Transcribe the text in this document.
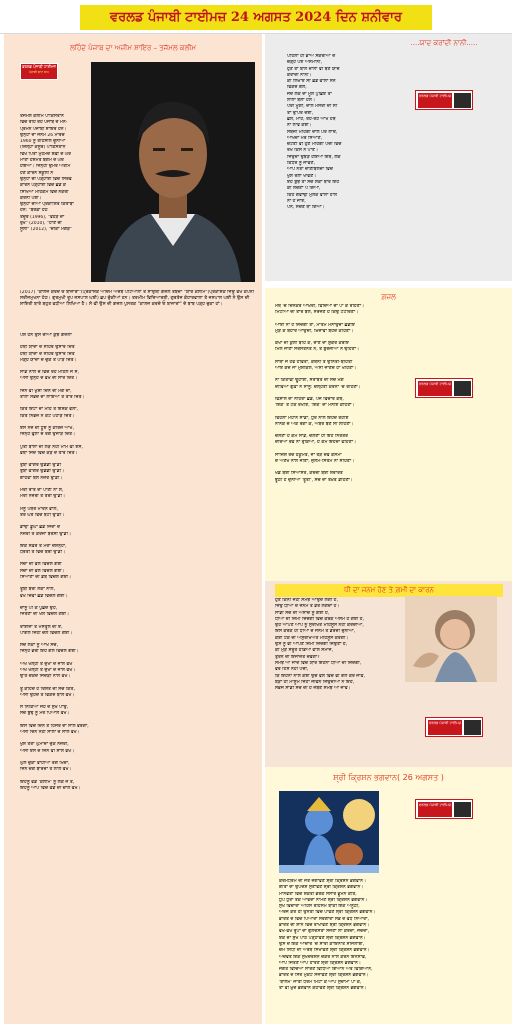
ਵਰਲਡ ਪੰਜਾਬੀ ਟਾਈਮਜ਼ 24 ਅਗਸਤ 2024 ਦਿਨ ਸ਼ਨੀਵਾਰ
ਲਹਿੰਦੇ ਪੰਜਾਬ ਦਾ ਅਜ਼ੀਮ ਸ਼ਾਇਰ – ਤਜੱਮਲ ਕਲੀਮ
ਵਰਲਡ ਪੰਜਾਬੀ ਟਾਈਮਜ਼
ਪੰਜਾਬੀ ਡਾਟ ਕਾਮ
ਤਜੱਮਲ ਕਲੀਮ ਪਾਕਿਸਤਾਨ
ਵਿੱਚ ਰਹਿ ਰਹੇ ਪੰਜਾਬ ਦੇ ਮੰਨੇ-
ਪ੍ਰਮੰਨੇ ਪੰਜਾਬੀ ਸ਼ਾਇਰ ਹਨ।
ਉਨ੍ਹਾਂ ਦਾ ਜਨਮ 26 ਮਾਰਚ
1960 ਨੂੰ ਤਹਿਸੀਲ ਚੂਨੀਆਂ
(ਜ਼ਿਲ੍ਹਾ ਕਸੂਰ) ਪਾਕਿਸਤਾਨ
ਵਿਖੇ ਪਿਤਾ ਮੁਹੰਮਦ ਸ਼ਫ਼ੀ ਦੇ ਘਰ
ਮਾਤਾ ਹਸ਼ਮਤ ਬੇਗਮ ਦੇ ਘਰ
ਹੋਇਆ। ਜਿੰਨ੍ਹੀ ਉਮਰੇ ਅਤੀਮ
ਹੋਣ ਕਾਰਨ ਸਕੂਲੀ ਨੇ
ਉਨ੍ਹਾਂ ਦੀ ਪੜ੍ਹਾਈ ਵਿਚ ਸਿਰਫ
ਕਾਰਨ ਪੜ੍ਹਾਈ ਵਿੱਚ ਛੱਡ ਕੇ
ਸਿੱਖਿਆ ਮਹਿਕਮੇ ਵਿੱਚ ਨੌਕਰੀ
ਕਰਨੀ ਪਈ।
ਉਨ੍ਹਾਂ ਦੀਆਂ ਪ੍ਰਕਾਸ਼ਿਤ ਕਿਤਾਬਾਂ
ਹਨ: "ਬਰਫ਼ਾਂ ਹੇਠ
ਤੰਦੂਰ (1996), "ਵੇਹੜੇ ਦਾ
ਰੁੱਖ" (2010), "ਹਾਣ ਦੀ
ਸੂਲੀ" (2012), "ਚੀਕਾਂ ਮੱਗੜ"
(2017) "ਕਾਲਜ ਕਰਦੇ ਓ ਬਾਜ਼ਾਰਾਂ"(ਪ੍ਰਕਾਸ਼ਕ ਅਦਿਮ ਅਦਬ ਪਟਿਆਲਾ ਤੋਂ ਸਾਉਂਥੀ ਗ਼ਜ਼ਲ ਤਬਦਾ "ਯਾਰ ਕਲੀਮ"(ਪ੍ਰਕਾਸ਼ਕ ਜਿਊ ਵੱਖ ਕੰਪਨੀ ਸਰੀਜਮੁਖਨਾ ਹੇਠ। ਗੁਰਮੁਖੀ ਰੂਪ ਜਸਪਾਲ ਘਈ) ਛਪ ਚੁੱਕੀਆਂ ਹਨ। ਤਰਮੀਮ ਵਿਦਿਆਰਥੀ, ਗੁਰਤੇਜ ਕੋਹਾਰਵਾਲਾ ਤੇ ਜਸਪਾਲ ਘਈ ਨੇ ਉਸ ਦੀ ਸ਼ਾਇਰੀ ਬਾਰੇ ਬਹੁਤ ਵਧੀਆ ਲਿਖਿਆ ਹੈ। ਸੋ ਵੀ ਉਸ ਦੀ ਗ਼ਜ਼ਲ ਪੁਸਤਕ "ਕਾਲਜ ਕਰਦੇ ਓ ਬਾਜ਼ਾਰਾਂ" ਦੇ ਬਾਬ ਪੜ੍ਹ ਚੁਕਾ ਹਾਂ।
ਪੇਸ਼ ਹਨ ਉਸ ਦੀਆਂ ਕੁਝ ਗ਼ਜ਼ਲਾਂ
ਹੱਥੀਂ ਯਾਦਾਂ ਦੇ ਸਹਿਰ ਉਸਾਰ ਦਿੱਤੇ
ਹੱਥੀਂ ਯਾਦਾਂ ਦੇ ਸਹਿਰ ਉਸਾਰ ਦਿੱਤੇ
ਮੜ੍ਹ ਯਾਦਾਂ ਦੇ ਚੁੱਕੇ ਤੇ ਪਾੜ ਦਿੱਤੇ।
ਸਾਡੇ ਨਾਲ ਦੇ ਵਿਚ ਰਹੇ ਮਹਿਲ ਜੋ ਸੇ,
ਅਸੀਂ ਉਨ੍ਹੇ ਦੇ ਵੱਖ ਦੀ ਸਾਰ ਦਿੱਤੇ।
ਜਿੰਨੇ ਵੀ ਖੁਸ਼ੀ ਦਿਨ ਦੀ ਮੰਗ ਦਾ,
ਤਾਲਾ ਸਭਦ ਦਾ ਲਾਇਆ ਤੇ ਤਾਰ ਦਿੱਤੇ।
ਕਿੱਤੇ ਇੱਟਾਂ ਦਾ ਮੀਂਹ ਤੇ ਇਸ਼ਕ ਵੱਲਾ,
ਕਿੱਤੇ ਨਿਭਜ਼ ਨੇ ਕੰਟ ਪਹਾੜ ਦਿੱਤੇ।
ਏਸ ਨਜ਼ੋ ਦੀ ਧੂੰਏ ਨੂੰ ਕਰਿਜ਼ ਆਖੋ,
ਜਿਨ੍ਹੇ ਫੁੱਲਾਂ ਦੇ ਰੰਗ ਉਜਾੜ ਦਿੱਤੇ।
ਪੁੱਤੀ ਬਾਲਾਂ ਦੀ ਲੋੜ ਨਹੀਂ ਮਾਮ ਵੀ ਏਂਸ,
ਵੱਥਾਂ ਜਿੰਦੇ ਵਿਚ ਕੜ ਦੇ ਤਾਰ ਦਿੱਤੇ।
ਤੁੰਬਾਂ ਵਾਂਗਰ ਉਡੱਡੀ ਉੱਡੀ
ਤੁੰਬਾਂ ਵਾਂਗਰ ਉਡੱਡੀ ਉੱਡੀ।
ਗਾਹਵਾ ਬੋਲ ਨਜ਼ਰੋਂ ਉੱਡੀ।
ਮੇਰੀ ਰਾਤ ਦਾ ਪਾਣੀ ਨਾ ਲੋ,
ਮੇਰੀ ਨਜ਼ਰੀ ਤੇ ਤੇਰੀ ਉੱਡੀ।
ਮੈਨੂੰ ਪੱਥਰ ਮਾਰਨ ਵਾਲੋ,
ਤੇਰੇ ਘਰ ਵਿੱਚ ਬੇਟੀ ਉੱਡੀ।
ਡਾਢਾ ਡੂੰਘਾ ਛੱਡ ਜਿੰਦਾਂ ਦੇ
ਨਜ਼ਰੀ ਤੇ ਕਰਜ਼ਾ ਬਰਸੀ ਉੱਡੀ।
ਇੱਕੋ ਸਫ਼ਰ ਤੇ ਮੇਰਾ ਦਸ਼ਨ੍ਹਾਂ,
ਧਰਤੀ ਤੇ ਵਿੱਚ ਬੋਰੀ ਉੱਡੀ।
ਸੋਚਾਂ ਦੀ ਵੇਲ ਵਿੱਚਲ ਗਈ
ਸੋਚਾਂ ਦੀ ਵੇਲ ਵਿੱਚਲ ਗਈ।
ਸਿਆਣਾਂ ਦੀ ਡੱਬ ਵਿੱਚਲ ਗਈ।
ਤੂੰਬੀਂ ਬੋਰੀ ਲੋਕਾਂ ਨਾਲੋਂ,
ਵੇਖ ਦਿਵਾ ਛੱਡ ਵਿੱਚਲ ਗਈ।
ਦਾਨੂੰ ਪੀ ਕੇ ਪੁੱਛਦੇ ਉਹ,
ਜਿੱਤਣਾ ਦੀ ਖੱਲ ਵਿੱਚਲ ਗਈ।
ਰਾਈਜ਼ਾਂ ਤੇ ਮਸਤੂਲ ਦੀ ਏ,
ਪਾਗਲ ਜਿਹੀ ਚੱਲ ਵਿੱਚਲ ਗਈ।
ਸੱਚ ਲੋਕਾਂ ਨੂੰ ਆਖੋ ਸੱਚ,
ਜਿਨ੍ਹੇ ਭਰੀ ਇਹ ਗੱਲ ਵਿੱਚਲ ਗਈ।
ਅੱਖ ਖੋਲ੍ਹੀ ਤੇ ਦੁੱਖਾਂ ਦੇ ਜਾਲ ਵੇਖੇ
ਅੱਖ ਖੋਲ੍ਹੀ ਤੇ ਦੁੱਖਾਂ ਦੇ ਜਾਲ ਵੇਖੇ।
ਉੱਤੇ ਚੱਕਦੇ ਜਿੰਦੜੀ ਨਾਲ ਵੇਖੇ।
ਤੂੰ ਕਹਿੰਦੇ ਹੋ ਰਿਸ਼ਤ ਦੀ ਸੋਚ ਕਿਤੋਂ,
ਅਸੀਂ ਉਹਦੇ ਤੋਂ ਵਿਕਦੇ ਬਾਲ ਵੇਖੇ।
ਸੋ ਨਿੱਕਿਆਂ ਜਹੇ ਦੇ ਸੁੱਖ ਪਾਉਂ,
ਸੱਚ ਬੁੱਢੇ ਨੂੰ ਮੇਰੇ ਪਿਆਲ ਵੇਖੇ।
ਇਸ ਵਿਚ ਦਿਨ ਤੇ ਹਿਜਰ ਦਾ ਸਾਲ ਵਰਗਾ,
ਅਸੀਂ ਦਿਨ ਨਹੀਂ ਸਾਲਾਂ ਦੇ ਸਾਲ ਵੇਖੇ।
ਖੁਸ਼ੋਂ ਤੇਰਾਂ ਘੁੰਮਾਂਦਾ ਦੁੱਕ ਨਜ਼ਰੀ,
ਅਸੀਂ ਏਸੇ ਦੇ ਜਿੰਨੇ ਵੀ ਸਾਲ ਵੇਖੇ।
ਘੁੱਲ ਚੁੱਕਾ ਵਾਹੀਆਂ ਰੰਗ ਖਿੰਦਾ,
ਜਿੰਨੇ ਚੰਗੇ ਬਾਰਦਾ ਤੇ ਲਾਲ ਵੇਖੇ।
ਇਹਨੂੰ ਵੱਡੇ 'ਕਲੀਮ' ਨੂੰ ਲੋਕ ਜੋ ਤੇ,
ਇਹਨੂੰ ਆਪ ਵਿੱਚ ਵੱਡੇ ਦੀ ਚਾਲ ਵੇਖੇ।
....ਯਾਦ ਕਰਾਂਦੀ ਨਾਨੀ.....
ਵਰਲਡ ਪੰਜਾਬੀ ਟਾਈਮਜ਼
ਪਹਿਲਾਂ ਹੀ ਭਾਅ ਸਕਰੀਆਂ ਦੇ
ਚੜ੍ਹੇ ਪਏ ਅਸਮਾਨੀਂ,
ਹੁਣ ਤਾਂ ਬਾਲੋ ਦਾਲਾਂ ਵੀ ਬਣ ਯਾਦ
ਕਰਾਂਦੀ ਨਾਨੀ।
ਕੀ ਲਿਖਾਏ ਸੀ ਛੋਂਡੇ ਵਾਲਾ ਸਨ
ਵਿਕਦੇ ਗੋਲੇ,
ਜਦ ਲੋਕੇ ਦਾ ਮੂਲ ਪੁੱਛਿਏ ਤਾਂ
ਲਾਲਾ ਬੋਲਾ ਹੌਲੇ।
ਪੈਰੀਂ ਮੂੰਗੀ, ਦਾਲ ਮਸਰੀ ਦੀ ਸੀ
ਤਾਂ ਉੱਪਰ ਦੋਈ,
ਛੋਲੇ, ਮਾਂਹ, ਰਹ-ਰਹ ਆਖੇ ਹੱਥ
ਨਾ ਲਾਵੇ ਕੋਈ।
ਸਬਜ਼ੀ ਮਹਿੰਗੀ ਦਾਲ ਪਰ ਲਾਓ,
ਆਖਦਾ ਮੋਰ ਸਿਆਣੇ,
ਚਟਣੀ ਵੀ ਹੁਣ ਮਹਿੰਗੀ ਪੈਂਦੀ ਵਿੱਚ
ਰੱਖੋ ਕਿਸ ਨੇ ਪਾਣੇ।
ਜਿਉਂਦਾ ਉਂਝੜ ਹੋਇਆ ਇੱਥੇ, ਲੋਕ
ਕਿੱਧਰ ਨੂੰ ਜਾਵਣ,
ਆਪ ਨੇਤਾ ਚਾਣੀਬਲਦਾਂ ਵਿੱਚ
ਖੁੱਲੇ ਰੋਲਾ ਖਾਵਣ।
ਏਹੋ ਬੁਝ ਤਾਂ ਸੋਚੇ ਲੋਕਾਂ ਬਾਰੇ ਇਹ
ਕੀ ਲੋਚਣਾ ਪੈ ਗਿਆ,
ਕਿਹੋ ਗਵਾਂਢੀ ਮੁਲਕ ਵਾਲਾ ਹਾਲ
ਨਾ ਹੋ ਜਾਏ,
ਪੰਨੇ, ਸੋਚਣ ਥਾਂ ਗਿਆ।
ਗ਼ਜ਼ਲ
ਵਰਲਡ ਪੰਜਾਬੀ ਟਾਈਮਜ਼
ਮੈਥੋਂ 'ਚ ਦਿਨਕਰ ਆਖ਼ਰੀ, ਵਿੱਦਿਆ ਦਾ ਪਾ ਕੇ ਰਹਿਣਾ।
ਮਿੱਟੀਆਂ ਦੀ ਤਾਰ ਬੋਲੋ, ਸਰਜਣ ਹੈ ਕਿਉਂ ਟਟਰਿਣਾ।
ਆਈ ਨਾ ਹੈ ਜ਼ਿੰਦਗੀ ਤਾਂ, ਮਾਤਮ ਮਨਾਉਂਦਾ ਛੱਡੀਏ
ਮੁੜ ਕੇ ਬਹਾਰ ਆਉਂਦੀ, ਖ਼ਿਜ਼ਾਵਾਂ ਬਹੇਦੇ ਕਹਿਣਾ।
ਕੱਖਾਂ ਦੀ ਕੁੱਲੀ ਬਹਿ ਕੇ, ਦਾਣੇ ਦਾ ਸ਼ੁਕਰ ਕਰੀਏ
ਮਿਲ ਜਾਣਾ ਸਰਸਤਨਤ ਨੇ, ਤੇ ਬੁਰਜੀਆਂ ਨੇ ਢਹਿਣਾ।
ਸਾਥਾਂ ਜੇ ਹੋਵੇ ਹਵਿਤਾ, ਕਥਨੀ ਤੇ ਉਨਿਤੀ-ਬਹਿਤੀ
ਆਏ ਕਦੇ ਜਾਂ ਮੁਸ਼ਕਿਲ, ਅਸੀਂ ਜਾਣਦੇ ਹਾਂ ਖਹਿਣਾ।
ਨਾ ਕਿਤਾਵੀਂ ਢੂਹਾਈ, ਸਰਾਬੇਂਤ ਦੀ ਸੋਚ ਮੰਗੇ
ਦੀਵਿਆਂ ਗੁਫ਼ਾ ਨੇ ਸਾਨੂੰ: ਚਲ੍ਹਣੀ ਕਰਨਾ 'ਚ ਰਹਿਣਾ।
ਵਿਸ਼ਾਲ ਦਾ ਨਹਿਰਾ ਛੱਡੋ, ਪੰਜੇ ਵਿਚਾਰ ਕੰਥੇ,
'ਇੱਕੋ' ਤੇ ਟੇਕ ਰੱਖੀਏ, 'ਇੱਕੋ' ਦਾ ਮੰਨੀਏ ਕਹਿਣਾ।
ਵਿਹਲਾ ਮਹਾਨ ਸਾਡਾ, ਧੁਰ ਨਾਲ ਇਹਦੇ ਰਹੀਏ
ਨਾਨਕ ਦੇ ਅੰਕ ਰੰਗਾ ਕੇ, ਅੰਬਰ ਬਣੇ ਸੀ ਲਹਿਣਾ।
ਚੱਲਣਾ ਹੈ ਕੰਮ ਸਾਡੇ, ਚੱਲਣਾ ਹੀ ਇਹ ਨਿਰੰਤਰ
ਦਰਿਆ ਰਵੇ ਨਾ ਰੁਕਿਆ, ਹੈ ਕੰਮ ਇਹਦਾ ਵਹਿਣਾ।
ਸਾਜ਼ਿਸ਼ ਰਚੇ ਹਕੂਮਤ, ਜਾਂ ਤੋੜ ਦੇਵੇ ਕਸਮਾਂ
ਦੇ ਅਣਖ ਨਾਲ ਜੀਣਾ, ਜ਼ੁਲਮੋ-ਸਿਤਮ ਨਾ ਸਹਿਣਾ।
ਖੇਡੇ ਬੇਈ ਸਿਆਸਤ, ਕਰਦੀ ਬੇਈ ਸ਼ਰਾਰਤ
ਝੂਠੀ ਹੈ ਦੁਨੀਆਂ 'ਤੂਤੀ', ਸੱਚ ਦਾ ਤਖ਼ਤ ਡਹਿਣਾ।
ਧੀ ਦਾ ਜਨਮ ਹੋਣ ਤੇ ਗ਼ਮੀ ਦਾ ਕਾਰਨ
ਵਰਲਡ ਪੰਜਾਬੀ ਟਾਈਮਜ਼
ਹੁਣ ਕਿੰਨੀ ਜਹੀ ਸਮਝ ਆਉਂਦ ਲੱਗੀ ਹੈ,
ਜਿਉਂ ਧੀਆਂ ਦੇ ਜਨਮ ਤੇ ਡਰ ਲਗਦਾ ਹੈ।
ਸਾਡੀ ਸੋਚ ਦੀ ਅਸਾਚ ਨੂੰ ਗਈ ਹੈ,
ਧੀਆਂ ਦੀ ਜ਼ਿੰਮੀ ਜ਼ਿੰਦਗੀ ਵਿਚ ਕਰਕੇ ਅਸਮ ਹੋ ਗਈ ਹੈ,
ਉਹ ਆਪਣੇ ਆਪ ਨੂੰ ਸੁਰੱਖਿਤ ਮਹਿਸੂਸ ਨਹੀਂ ਕਰਦੀਆਂ,
ਇਸ ਕਰਕੇ ਹੀ ਧੀਆਂ ਦੇ ਜਨਮ ਤੇ ਡਰਦੀ ਦੁਨੀਆਂ,
ਕਈ ਟੱਕ ਦੀ ਅਸੁਰੱਖਿਅਤ ਮਹਿਸੂਸ ਕਰੇਗੀ।
ਉਸ ਨੂੰ ਵੀ ਆਪਣੇ ਜ਼ਿੰਮੀ ਜ਼ਿੰਦਗੀ ਜਿਉਣਾ ਹੈ,
ਕੀ ਮੁੜ ਸਰੂਤ ਹੱਡਿਆ ਵਾਲੇ ਸਮਾਜ,
ਤੁਰਨ ਦੀ ਇਜਾਜ਼ਤ ਦੇਵੇਗਾ?
ਸਮਝ ਆ ਜਾਂਦੇ ਵਿੱਚ ਯਾਰ ਇਹਨਾਂ ਧੀਆਂ ਦੀ ਜ਼ਿੰਦਗੀ,
ਵੇਰ ਹਿੱਸੇ ਨਹੀਂ ਪੈਂਦੀ,
ਕਿ ਇਹਨਾਂ ਨਾਲ ਕੋਈ ਉਚੇ ਵੇਲ ਵਿੱਚ ਵੀ ਗੱਲ ਕਰ ਜਾਵੇ,
ਬੜਾ ਹੀ ਮਾਸੂਮ ਜਿਹਾ ਜੀਵਨ ਜਿਉਂਦੀਆਂ ਨੇ ਇਹ,
ਸਭਜ ਸਾਡੀ ਸੋਚ ਦੀ ਹੈ ਜੋਬਣ ਸਮਝ ਆ ਜਾਵੇ।
ਸ਼੍ਰੀ ਕ੍ਰਿਸ਼ਨ ਭਗਵਾਨ( 26 ਅਗਸਤ )
ਵਰਲਡ ਪੰਜਾਬੀ ਟਾਈਮਜ਼
ਕਰਮਧਰਮ ਦੀ ਜੋਤ ਜਗਾਵਣ ਸ਼੍ਰੀ ਕ੍ਰਿਸ਼ਨ ਭਗਵਾਨ।
ਗੀਤਾ ਦਾ ਉਪਦੇਸ਼ ਸੁਣਾਵਣ ਸ਼੍ਰੀ ਕ੍ਰਿਸ਼ਨ ਭਗਵਾਨ।
ਮਾਨਵਤਾ ਵਿਚ ਸ਼ਕਤੀ ਭਰਕੇ ਸੰਸਾਰ ਭੂਮਨ ਕੀਤੇ,
ਧੁੱਪ ਧੁਰਾਂ ਤਕ ਆਂਵਦਾ ਨਾਮਣ ਸ਼੍ਰੀ ਕ੍ਰਿਸ਼ਨ ਭਗਵਾਨ।
ਸੁੱਖ ਵਿਚਾਰਾਂ ਅਹਿਸ ਰਹਿਸਮੇਂ ਬਾਕੀ ਇੱਕ ਅਨੂਠੀ,
ਅਰਜ ਕਰ ਹੀ ਉਨਤੀ ਵਿਚ ਪਾਵਣ ਸ਼੍ਰੀ ਕ੍ਰਿਸ਼ਨ ਭਗਵਾਨ।
ਭਾਰਤ ਦੇ ਵਿਚ ਪਿਆਰਾ ਸਰਗਾਰਾ ਸਭ ਦੇ ਵਧ ਨਿਆਰਾ,
ਭਾਰਤ ਦੀ ਸ਼ਾਨ ਵਿਚ ਰਾਖਾਵਣ ਸ਼੍ਰੀ ਕ੍ਰਿਸ਼ਨ ਭਗਵਾਨ।
ਵੱਖ-ਵੱਖ ਰੂਪਾਂ ਦਾ ਗੁਲਦਸਤਾ ਸੱਜਣਾ ਲਾ ਕਰਦਾ, ਜਚਦਾ,
ਏਕੇ ਦਾ ਸੁਖ ਪਾਠ ਪੜ੍ਹਾਵਣ ਸ਼੍ਰੀ ਕ੍ਰਿਸ਼ਨ ਭਗਵਾਨ।
ਉਸ ਦੇ ਇਕ ਆਚਾਰ 'ਚ ਸਾਰੀ ਕਾਇਨਾਤ ਸਜਿਲਾਈ,
ਚੰਮ ਸਿਧੀ ਦੀ ਅਰਥ ਸਿਖਾਵਣ ਸ਼੍ਰੀ ਕ੍ਰਿਸ਼ਨ ਭਗਵਾਨ।
ਅਦਵੈਤ ਇਕ ਸੁੱਖਦਰਸ਼ਨ ਚੱਕਰ ਨਾਲ ਕਰਨ ਇਨਸਾਫ਼,
ਆਪੇ ਜਿੱਤਣ ਆਪੇ ਹਾਰਣ ਸ਼੍ਰੀ ਕ੍ਰਿਸ਼ਨ ਭਗਵਾਨ।
ਜਗਤ ਵਿਚਿਆ ਸਾਰਣ ਵਿਧਿਆ ਗਿਆਨ ਅਤੇ ਵਿਗਿਆਨ,
ਭਾਰਤ ਦੇ ਸਿਰ ਮੁਕਟ ਸਜਾਵਣ ਸ਼੍ਰੀ ਕ੍ਰਿਸ਼ਨ ਭਗਵਾਨ।
'ਬਾਲਮ' ਜਾਤੀ ਧਰਮ ਮਿਟਾ ਕੇ ਆਪ ਸੁਦਾਮਾ ਪਾ ਕੇ,
ਤਾਂ ਵੀ ਖ਼ੁਦ ਭਗਵਾਨ ਕਹਾਵਣ ਸ਼੍ਰੀ ਕ੍ਰਿਸ਼ਨ ਭਗਵਾਨ।
